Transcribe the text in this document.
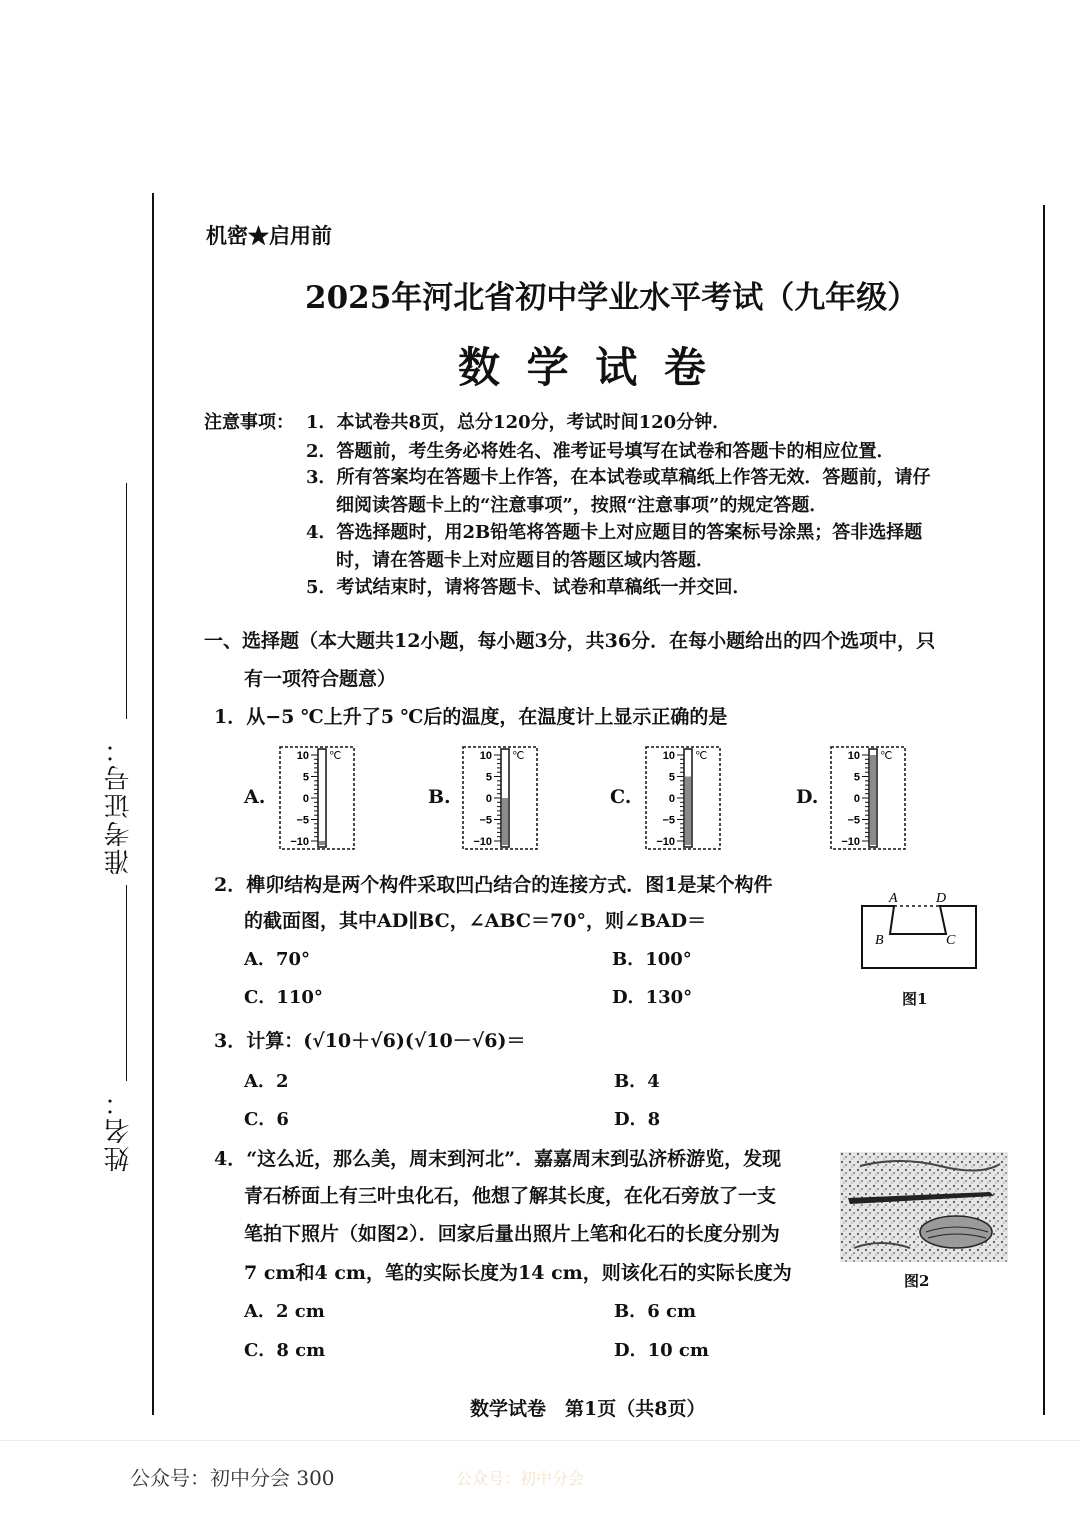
准考证号：
姓名：
机密★启用前
2025年河北省初中学业水平考试（九年级）
数 学 试 卷
注意事项： 1．本试卷共8页，总分120分，考试时间120分钟．
2．答题前，考生务必将姓名、准考证号填写在试卷和答题卡的相应位置．
3．所有答案均在答题卡上作答，在本试卷或草稿纸上作答无效．答题前，请仔
细阅读答题卡上的“注意事项”，按照“注意事项”的规定答题．
4．答选择题时，用2B铅笔将答题卡上对应题目的答案标号涂黑；答非选择题
时，请在答题卡上对应题目的答题区域内答题．
5．考试结束时，请将答题卡、试卷和草稿纸一并交回．
一、选择题（本大题共12小题，每小题3分，共36分．在每小题给出的四个选项中，只
有一项符合题意）
1．从−5 ℃上升了5 ℃后的温度，在温度计上显示正确的是
A.
10
5
0
−5
−10
℃
B.
10
5
0
−5
−10
℃
C.
10
5
0
−5
−10
℃
D.
10
5
0
−5
−10
℃
2．榫卯结构是两个构件采取凹凸结合的连接方式．图1是某个构件
的截面图，其中AD∥BC，∠ABC＝70°，则∠BAD＝
A．70°	B．100°
C．110°	D．130°
A	D
B	C
图1
3．计算：(√10＋√6)(√10－√6)＝
A．2	B．4
C．6	D．8
4．“这么近，那么美，周末到河北”．嘉嘉周末到弘济桥游览，发现
青石桥面上有三叶虫化石，他想了解其长度，在化石旁放了一支
笔拍下照片（如图2）．回家后量出照片上笔和化石的长度分别为
7 cm和4 cm，笔的实际长度为14 cm，则该化石的实际长度为
A．2 cm	B．6 cm
C．8 cm	D．10 cm
图2
数学试卷　第1页（共8页）
公众号：初中分会 300	公众号：初中分会
